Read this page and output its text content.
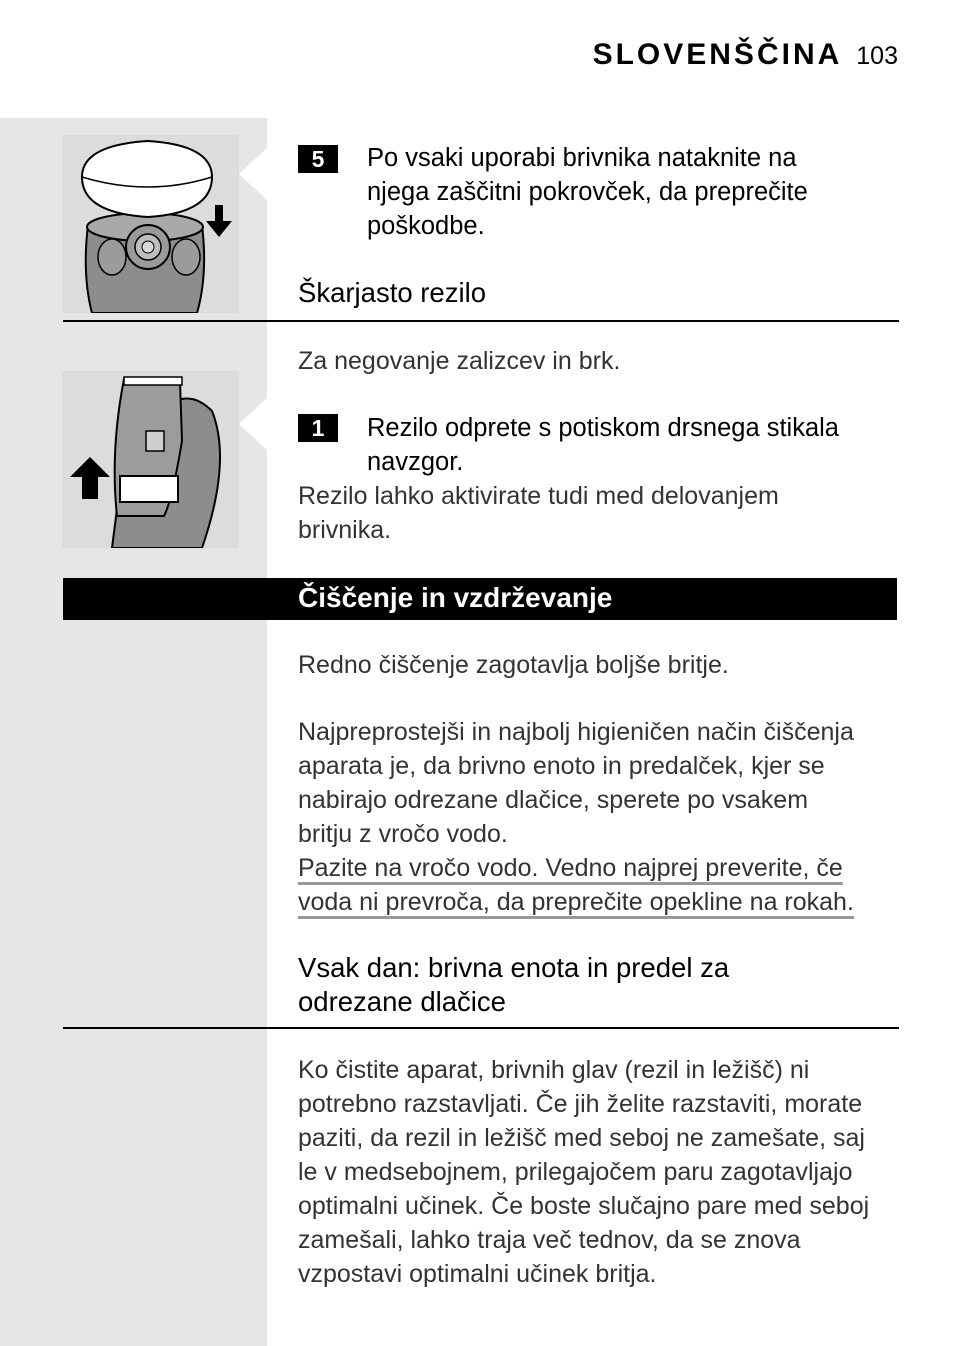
SLOVENŠČINA 103
5	Po vsaki uporabi brivnika nataknite na
njega zaščitni pokrovček, da preprečite
poškodbe.
Škarjasto rezilo
Za negovanje zalizcev in brk.
1	Rezilo odprete s potiskom drsnega stikala
navzgor.
Rezilo lahko aktivirate tudi med delovanjem
brivnika.
Čiščenje in vzdrževanje
Redno čiščenje zagotavlja boljše britje.
Najpreprostejši in najbolj higieničen način čiščenja
aparata je, da brivno enoto in predalček, kjer se
nabirajo odrezane dlačice, sperete po vsakem
britju z vročo vodo.
Pazite na vročo vodo. Vedno najprej preverite, če
voda ni prevroča, da preprečite opekline na rokah.
Vsak dan: brivna enota in predel za
odrezane dlačice
Ko čistite aparat, brivnih glav (rezil in ležišč) ni
potrebno razstavljati. Če jih želite razstaviti, morate
paziti, da rezil in ležišč med seboj ne zamešate, saj
le v medsebojnem, prilegajočem paru zagotavljajo
optimalni učinek. Če boste slučajno pare med seboj
zamešali, lahko traja več tednov, da se znova
vzpostavi optimalni učinek britja.
